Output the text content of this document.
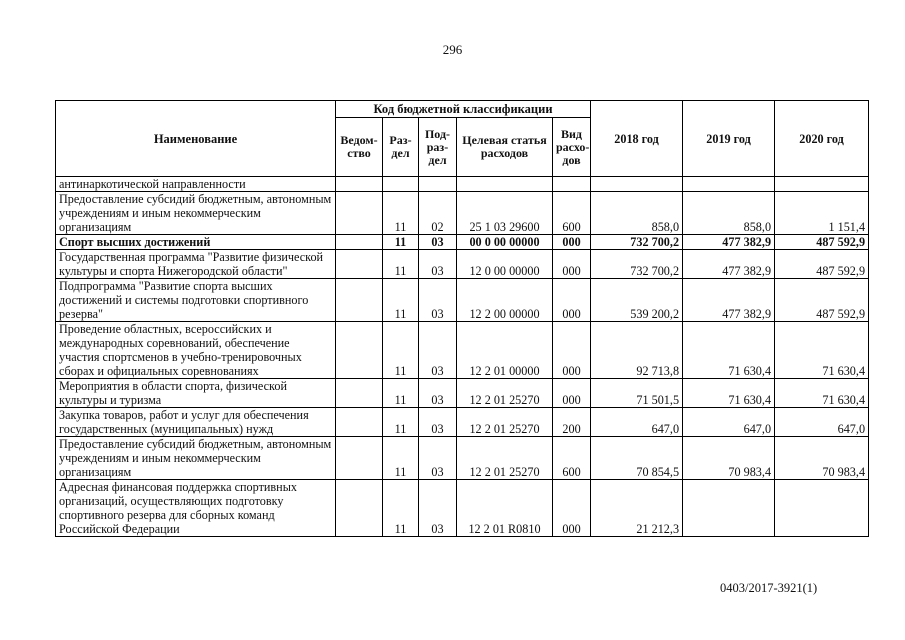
296
Наименование	Код бюджетной классификации					2018 год	2019 год	2020 год
	Ведом-ство	Раз-дел	Под-раз-дел	Целевая статья расходов	Вид расхо-дов			
антинаркотической направленности								
Предоставление субсидий бюджетным, автономным учреждениям и иным некоммерческим организациям		11	02	25 1 03 29600	600	858,0	858,0	1 151,4
Спорт высших достижений		11	03	00 0 00 00000	000	732 700,2	477 382,9	487 592,9
Государственная программа "Развитие физической культуры и спорта Нижегородской области"		11	03	12 0 00 00000	000	732 700,2	477 382,9	487 592,9
Подпрограмма "Развитие спорта высших достижений и системы подготовки спортивного резерва"		11	03	12 2 00 00000	000	539 200,2	477 382,9	487 592,9
Проведение областных, всероссийских и международных соревнований, обеспечение участия спортсменов в учебно-тренировочных сборах и официальных соревнованиях		11	03	12 2 01 00000	000	92 713,8	71 630,4	71 630,4
Мероприятия в области спорта, физической культуры и туризма		11	03	12 2 01 25270	000	71 501,5	71 630,4	71 630,4
Закупка товаров, работ и услуг для обеспечения государственных (муниципальных) нужд		11	03	12 2 01 25270	200	647,0	647,0	647,0
Предоставление субсидий бюджетным, автономным учреждениям и иным некоммерческим организациям		11	03	12 2 01 25270	600	70 854,5	70 983,4	70 983,4
Адресная финансовая поддержка спортивных организаций, осуществляющих подготовку спортивного резерва для сборных команд Российской Федерации		11	03	12 2 01 R0810	000	21 212,3		
0403/2017-3921(1)
